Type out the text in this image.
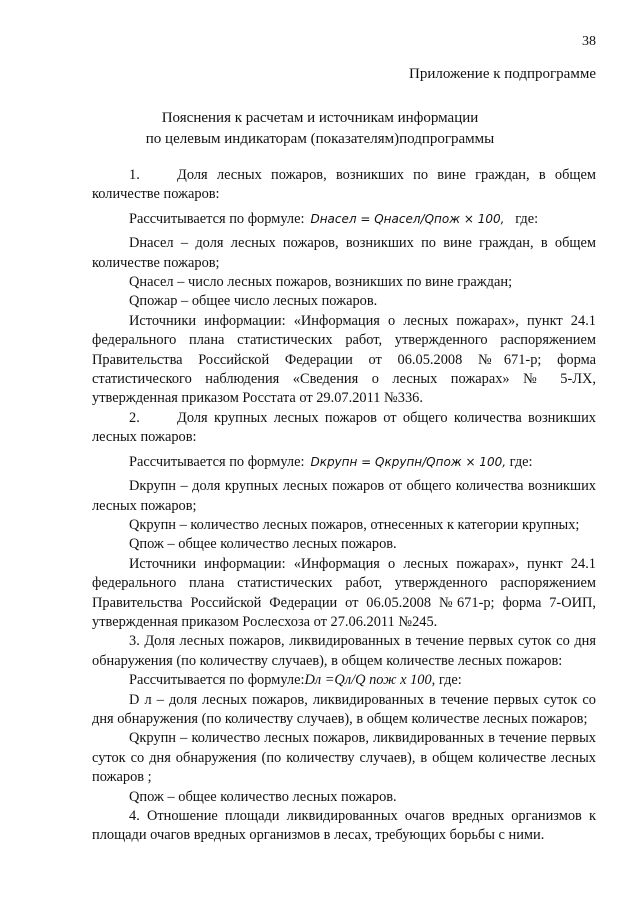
38
Приложение к подпрограмме
Пояснения к расчетам и источникам информации
по целевым индикаторам (показателям)подпрограммы

1.	Доля лесных пожаров, возникших по вине граждан, в общем количестве пожаров:

Рассчитывается по формуле: Dнасел = Qнасел/Qпож × 100, где:

Dнасел – доля лесных пожаров, возникших по вине граждан, в общем количестве пожаров;

Qнасел – число лесных пожаров, возникших по вине граждан;

Qпожар – общее число лесных пожаров.

Источники информации: «Информация о лесных пожарах», пункт 24.1 федерального плана статистических работ, утвержденного распоряжением Правительства Российской Федерации от 06.05.2008 №671-р; форма статистического наблюдения «Сведения о лесных пожарах» № 5-ЛХ, утвержденная приказом Росстата от 29.07.2011 №336.

2.	Доля крупных лесных пожаров от общего количества возникших лесных пожаров:

Рассчитывается по формуле: Dкрупн = Qкрупн/Qпож × 100, где:

Dкрупн – доля крупных лесных пожаров от общего количества возникших лесных пожаров;

Qкрупн – количество лесных пожаров, отнесенных к категории крупных;

Qпож – общее количество лесных пожаров.

Источники информации: «Информация о лесных пожарах», пункт 24.1 федерального плана статистических работ, утвержденного распоряжением Правительства Российской Федерации от 06.05.2008 №671-р; форма 7-ОИП, утвержденная приказом Рослесхоза от 27.06.2011 №245.

3. Доля лесных пожаров, ликвидированных в течение первых суток со дня обнаружения (по количеству случаев), в общем количестве лесных пожаров:

Рассчитывается по формуле:Dл =Qл/Q пож х 100, где:

D л – доля лесных пожаров, ликвидированных в течение первых суток со дня обнаружения (по количеству случаев), в общем количестве лесных пожаров;

Qкрупн – количество лесных пожаров, ликвидированных в течение первых суток со дня обнаружения (по количеству случаев), в общем количестве лесных пожаров ;

Qпож – общее количество лесных пожаров.

4. Отношение площади ликвидированных очагов вредных организмов к площади очагов вредных организмов в лесах, требующих борьбы с ними.
